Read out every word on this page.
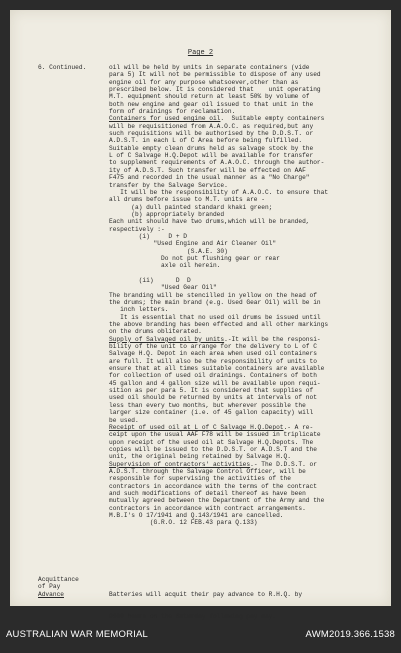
Page 2
6. Continued.	oil will be held by units in separate containers (vide

para 5) It will not be permissible to dispose of any used

engine oil for any purpose whatsoever,other than as

prescribed below. It is considered that    unit operating

M.T. equipment should return at least 50% by volume of

both new engine and gear oil issued to that unit in the

form of drainings for reclamation.

Containers for used engine oil.  Suitable empty containers

will be requisitioned from A.A.O.C. as required,but any

such requisitions will be authorised by the D.D.S.T. or

A.D.S.T. in each L of C Area before being fulfilled.

Suitable empty clean drums held as salvage stock by the

L of C Salvage H.Q.Depot will be available for transfer

to supplement requirements of A.A.O.C. through the author-

ity of A.D.S.T. Such transfer will be effected on AAF

F475 and recorded in the usual manner as a "No Charge"

transfer by the Salvage Service.

It will be the responsibility of A.A.O.C. to ensure that

all drums before issue to M.T. units are -

(a) dull painted standard khaki green;

(b) appropriately branded

Each unit should have two drums,which will be branded,

respectively :-

(i)     D + D

"Used Engine and Air Cleaner Oil"

(S.A.E. 30)

Do not put flushing gear or rear

axle oil herein.

(ii)      D  D

"Used Gear Oil"

The branding will be stencilled in yellow on the head of

the drums; the main brand (e.g. Used Gear Oil) will be in

inch letters.

It is essential that no used oil drums be issued until

the above branding has been effected and all other markings

on the drums obliterated.

Supply of Salvaged oil by units.-It will be the responsi-

bility of the unit to arrange for the delivery to L of C

Salvage H.Q. Depot in each area when used oil containers

are full. It will also be the responsibility of units to

ensure that at all times suitable containers are available

for collection of used oil drainings. Containers of both

45 gallon and 4 gallon size will be available upon requi-

sition as per para 5. It is considered that supplies of

used oil should be returned by units at intervals of not

less than every two months, but wherever possible the

larger size container (i.e. of 45 gallon capacity) will

be used.

Receipt of used oil at L of C Salvage H.Q.Depot.- A re-

ceipt upon the usual AAF F78 will be issued in triplicate

upon receipt of the used oil at Salvage H.Q.Depots. The

copies will be issued to the D.D.S.T. or A.D.S.T and the

unit, the original being retained by Salvage H.Q.

Supervision of contractors' activities.- The D.D.S.T. or

A.D.S.T. through the Salvage Control Officer, will be

responsible for supervising the activities of the

contractors in accordance with the terms of the contract

and such modifications of detail thereof as have been

mutually agreed between the Department of the Army and the

contractors in accordance with contract arrangements.

M.B.I's O 17/1941 and Q.143/1941 are cancelled.

(G.R.O. 12 FEB.43 para Q.133)

Acquittance
of Pay
Advance

	Batteries will acquit their pay advance to R.H.Q. by

0900 hours on the Saturday following pay day.

AUSTRALIAN WAR MEMORIAL	AWM2019.366.1538
